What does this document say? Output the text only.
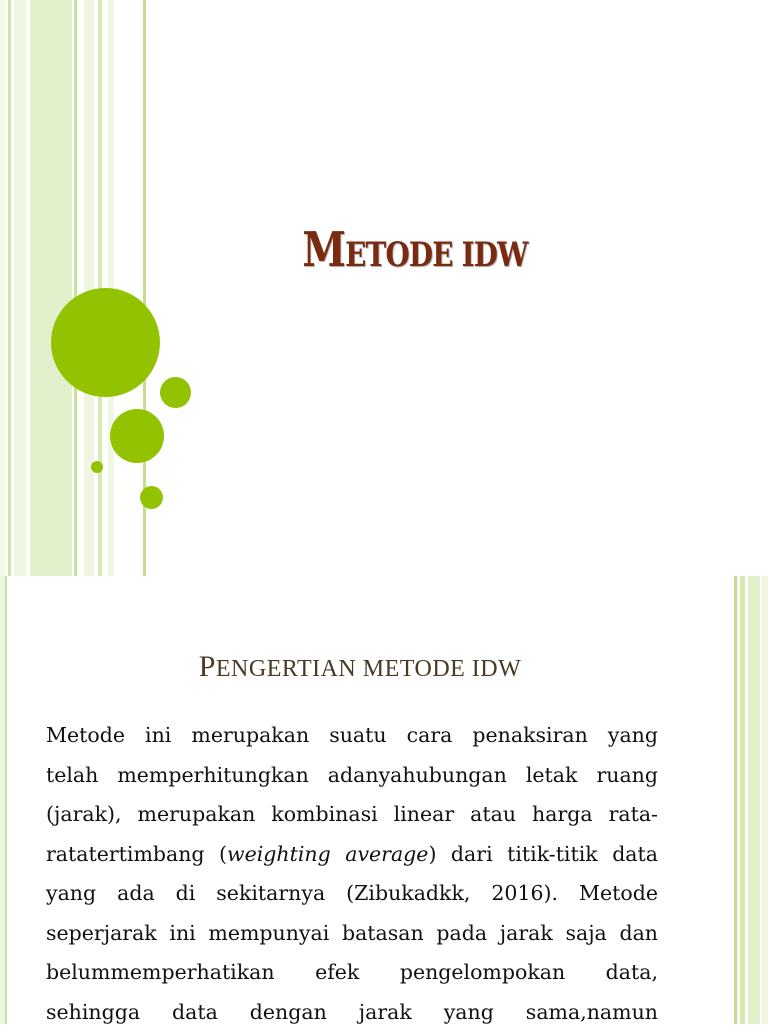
METODE IDW
PENGERTIAN METODE IDW
Metode ini merupakan suatu cara penaksiran yang
telah memperhitungkan adanyahubungan letak ruang
(jarak), merupakan kombinasi linear atau harga rata-
ratatertimbang (weighting average) dari titik-titik data
yang ada di sekitarnya (Zibukadkk, 2016). Metode
seperjarak ini mempunyai batasan pada jarak saja dan
belummemperhatikan efek pengelompokan data,
sehingga data dengan jarak yang sama,namun
